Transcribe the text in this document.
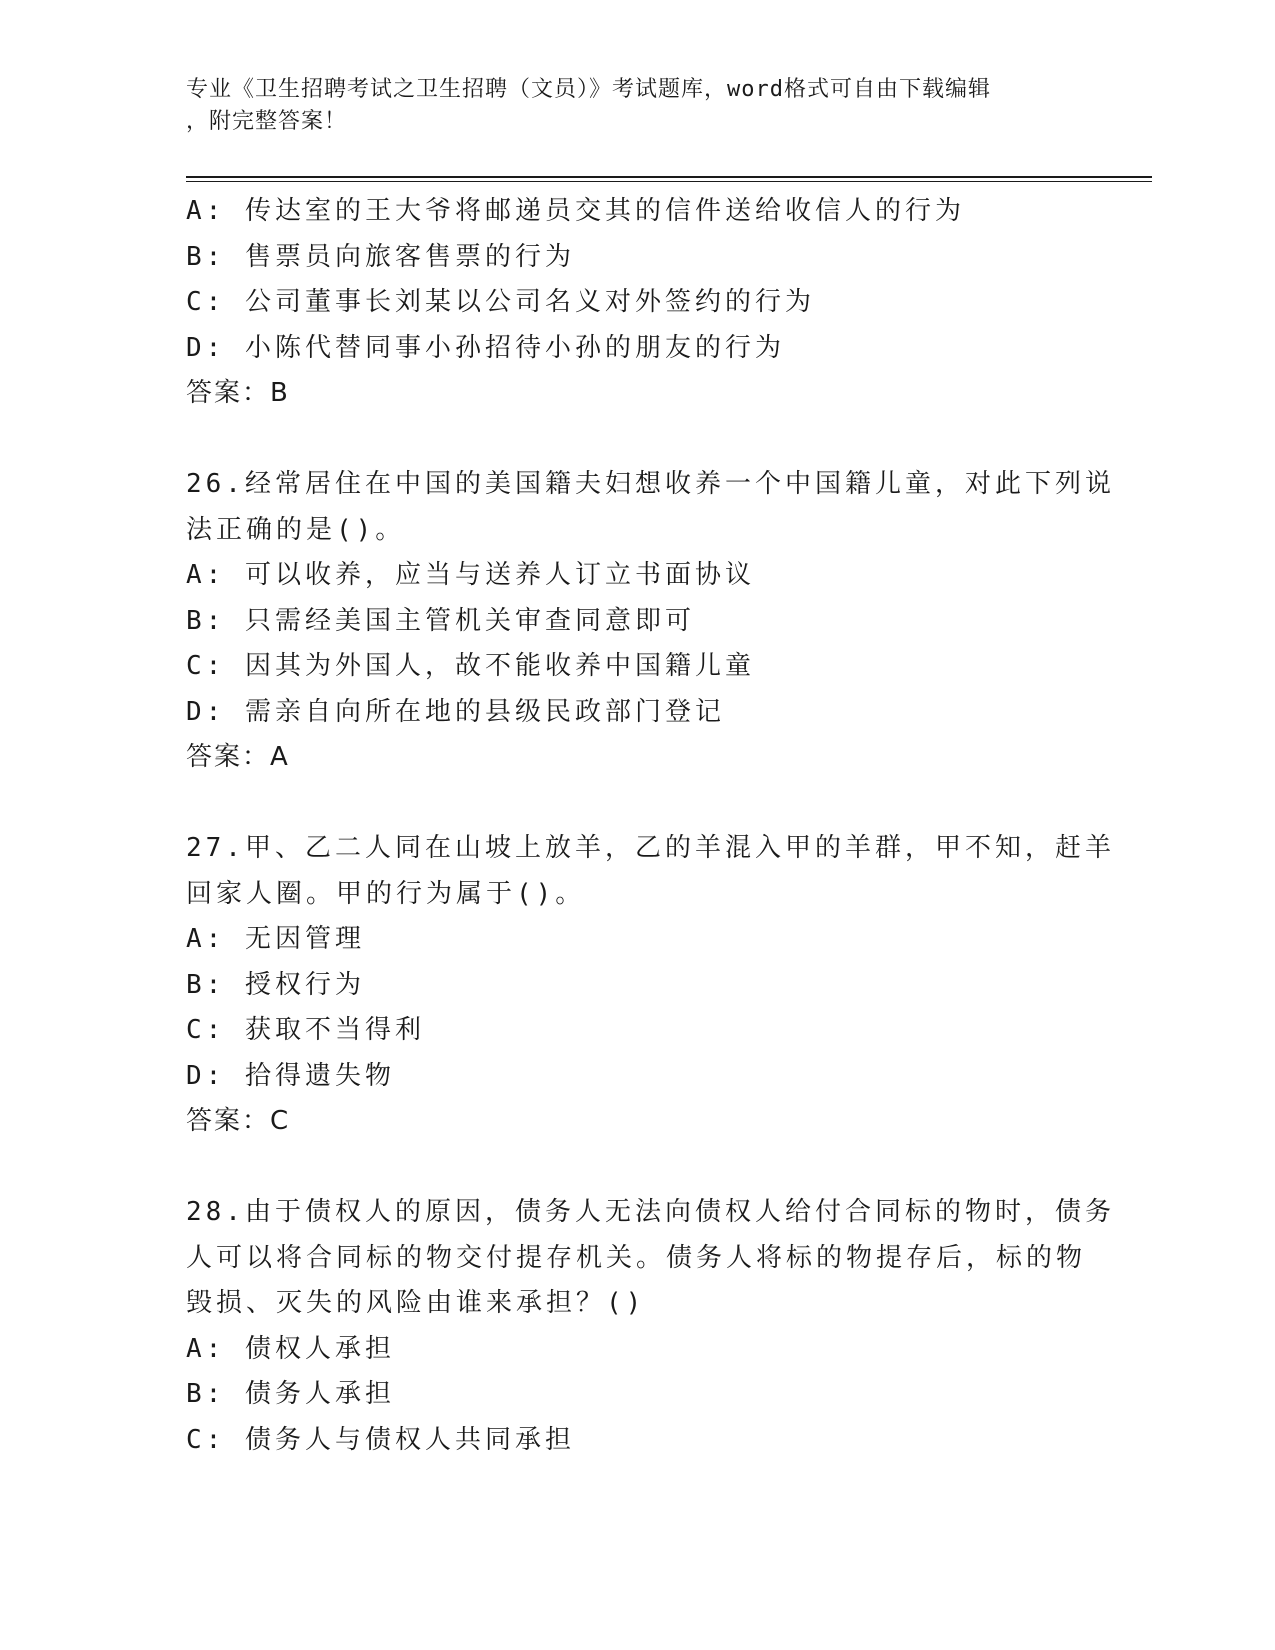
专业《卫生招聘考试之卫生招聘（文员）》考试题库，word格式可自由下载编辑
，附完整答案！
A: 传达室的王大爷将邮递员交其的信件送给收信人的行为
B: 售票员向旅客售票的行为
C: 公司董事长刘某以公司名义对外签约的行为
D: 小陈代替同事小孙招待小孙的朋友的行为
答案：B
26.经常居住在中国的美国籍夫妇想收养一个中国籍儿童，对此下列说
法正确的是()。
A: 可以收养，应当与送养人订立书面协议
B: 只需经美国主管机关审查同意即可
C: 因其为外国人，故不能收养中国籍儿童
D: 需亲自向所在地的县级民政部门登记
答案：A
27.甲、乙二人同在山坡上放羊，乙的羊混入甲的羊群，甲不知，赶羊
回家人圈。甲的行为属于()。
A: 无因管理
B: 授权行为
C: 获取不当得利
D: 拾得遗失物
答案：C
28.由于债权人的原因，债务人无法向债权人给付合同标的物时，债务
人可以将合同标的物交付提存机关。债务人将标的物提存后，标的物
毁损、灭失的风险由谁来承担？()
A: 债权人承担
B: 债务人承担
C: 债务人与债权人共同承担
